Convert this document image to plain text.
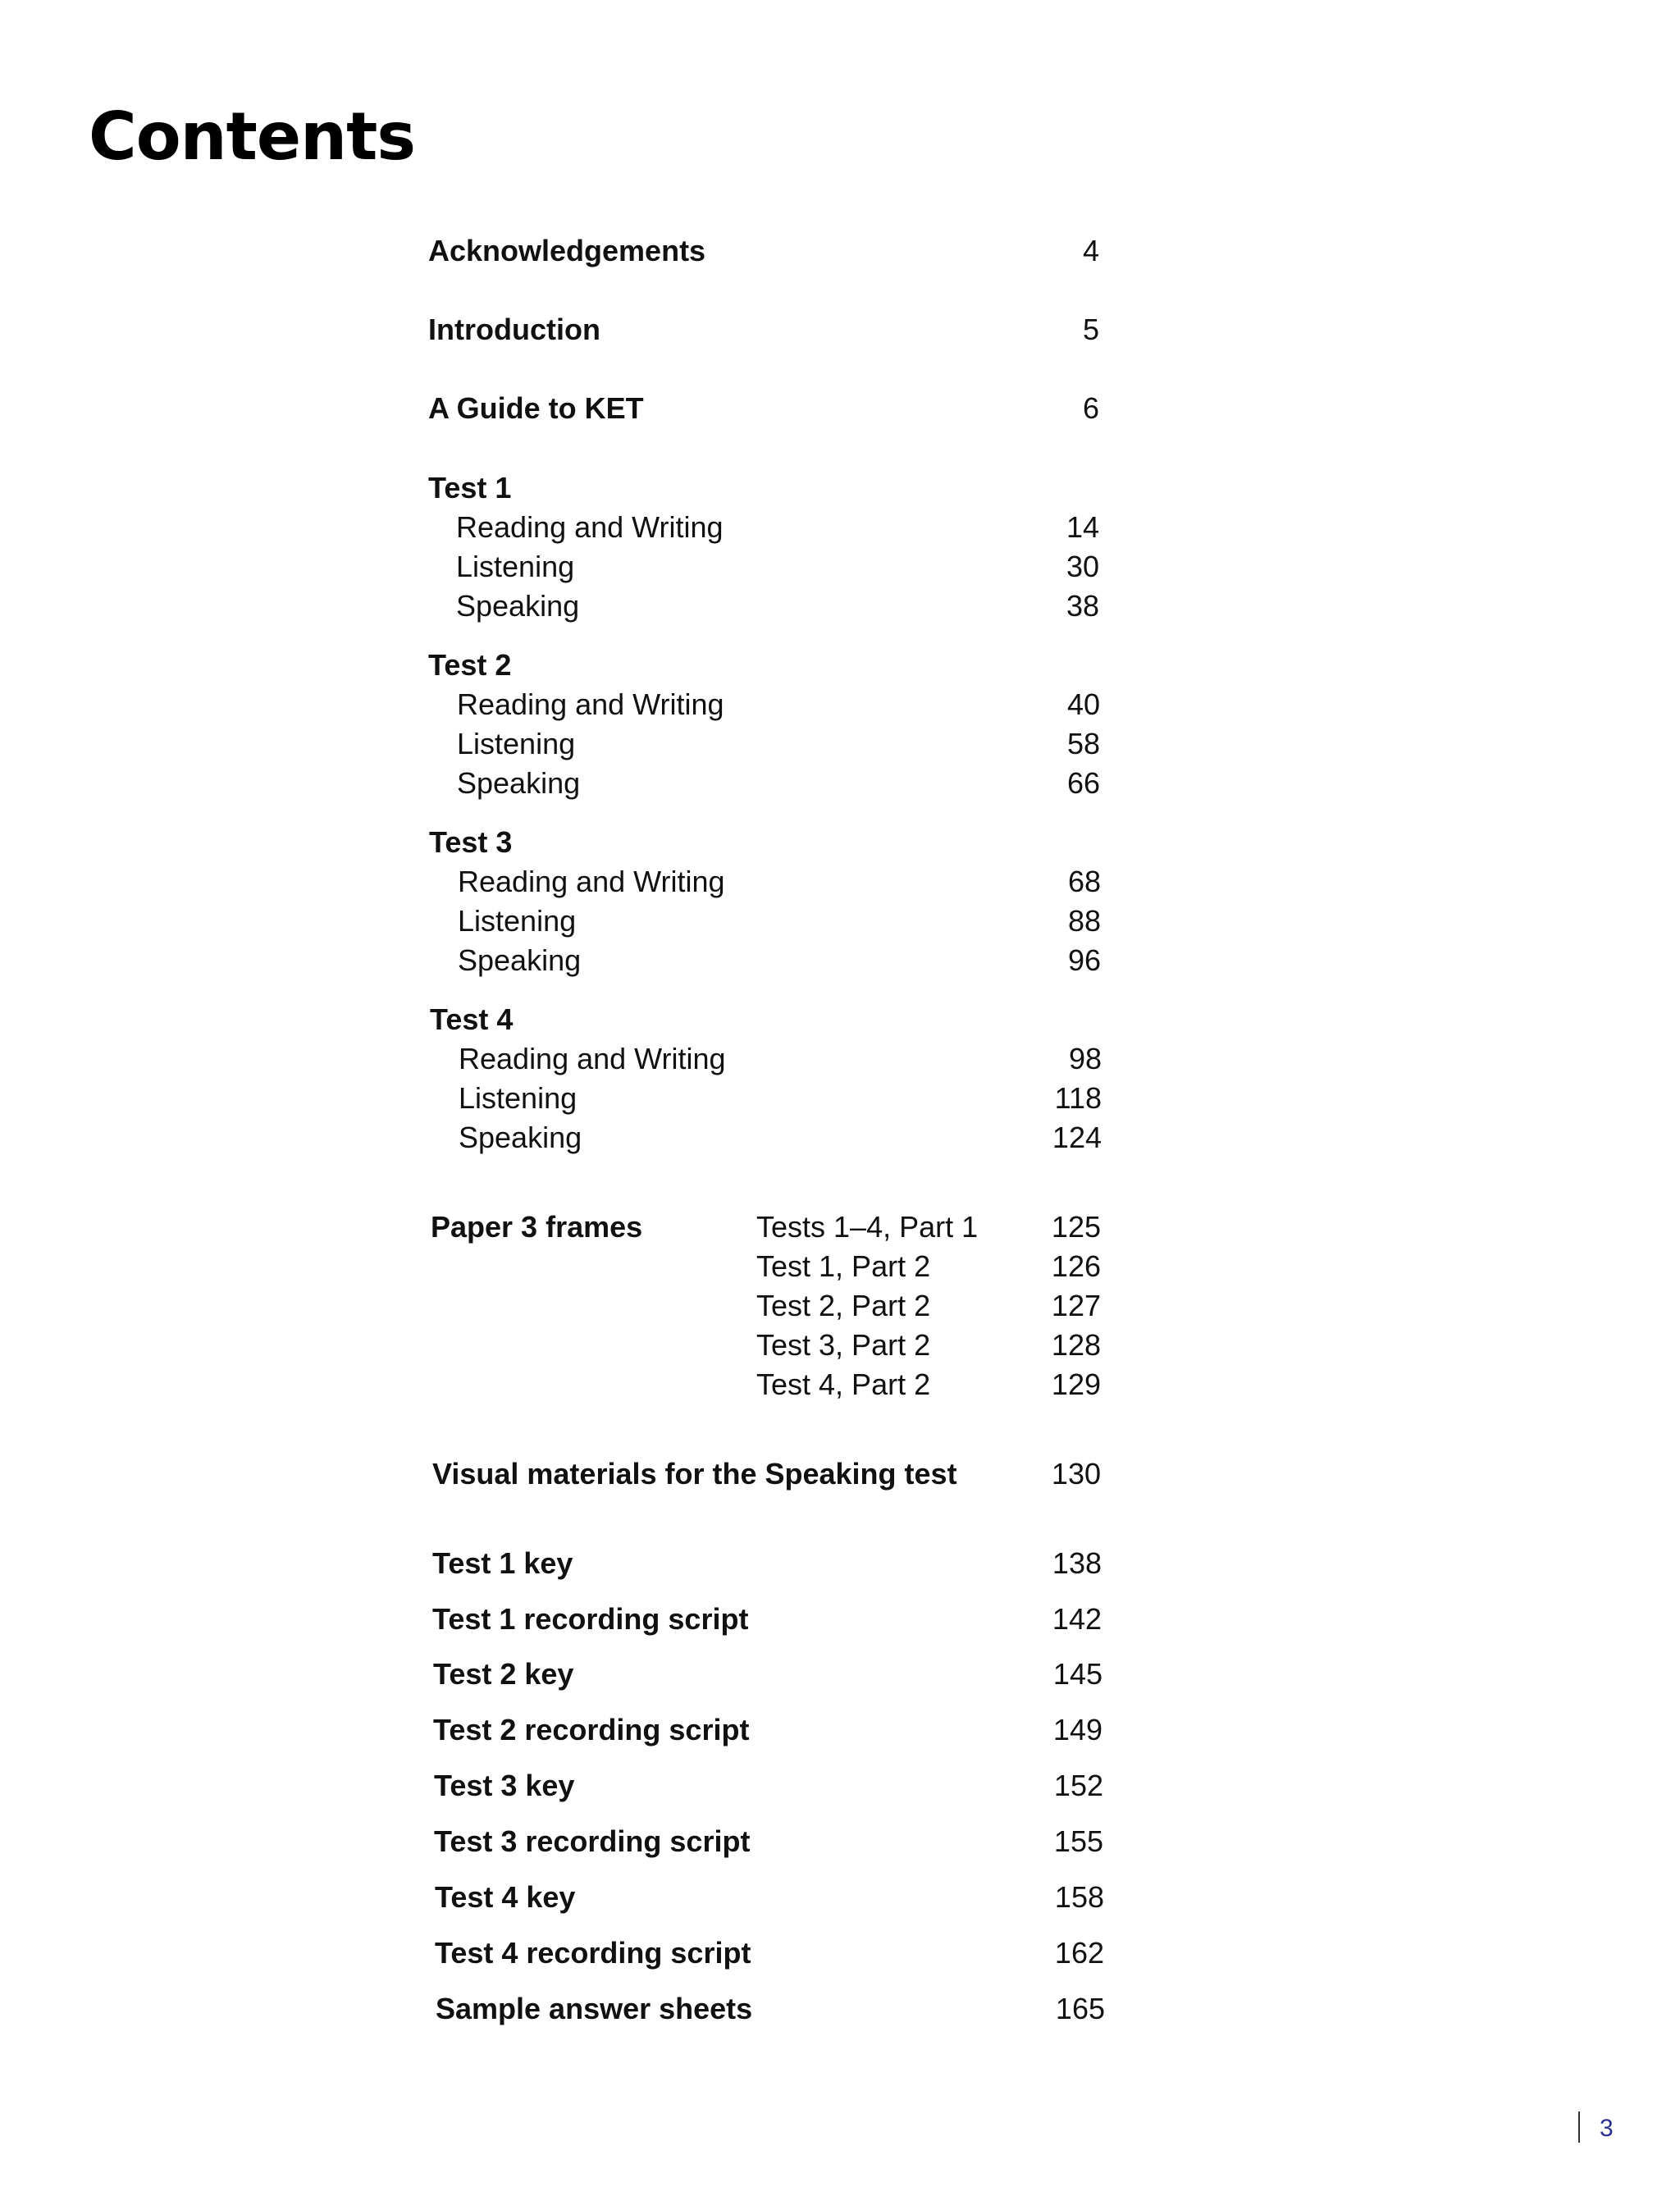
Contents
Acknowledgements	4
Introduction	5
A Guide to KET	6
Test 1
Reading and Writing	14
Listening	30
Speaking	38
Test 2
Reading and Writing	40
Listening	58
Speaking	66
Test 3
Reading and Writing	68
Listening	88
Speaking	96
Test 4
Reading and Writing	98
Listening	118
Speaking	124
Paper 3 frames	Tests 1–4, Part 1 125
Test 1, Part 2	126
Test 2, Part 2	127
Test 3, Part 2	128
Test 4, Part 2	129
Visual materials for the Speaking test	130
Test 1 key	138
Test 1 recording script	142
Test 2 key	145
Test 2 recording script	149
Test 3 key	152
Test 3 recording script	155
Test 4 key	158
Test 4 recording script	162
Sample answer sheets	165
3
